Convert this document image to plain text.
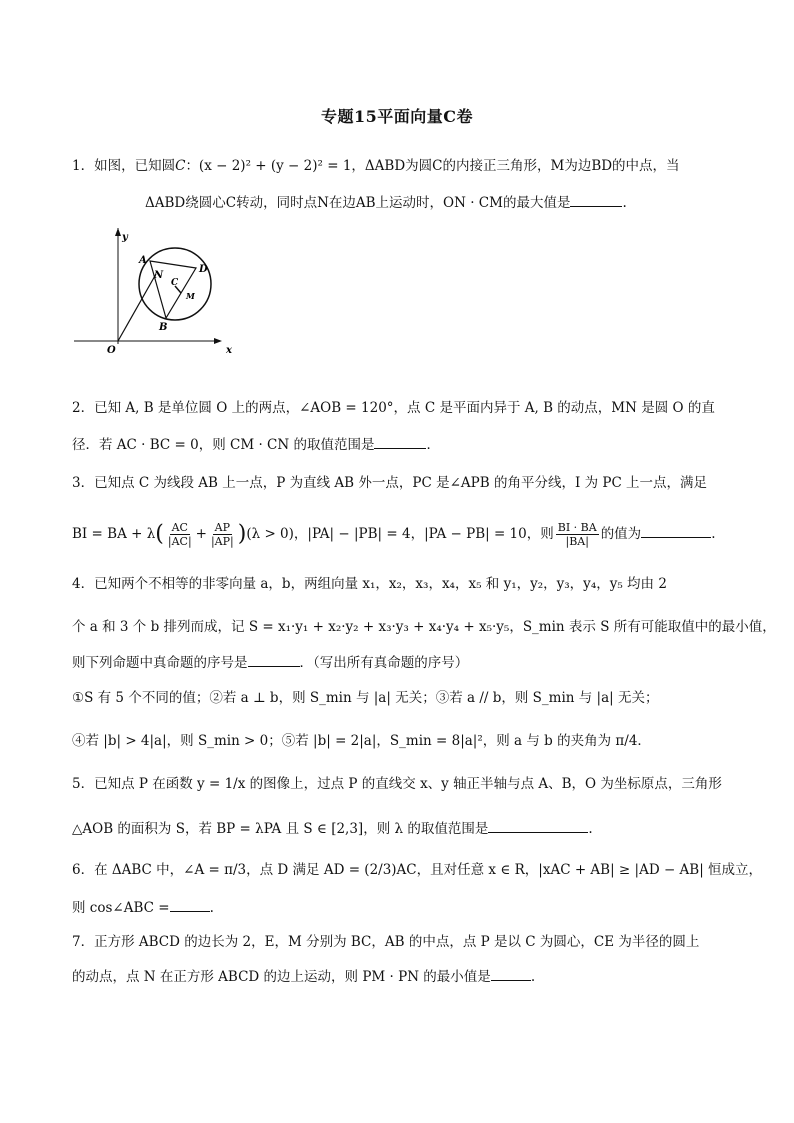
专题15平面向量C卷
1．如图，已知圆C：(x − 2)² + (y − 2)² = 1，ΔABD为圆C的内接正三角形，M为边BD的中点，当
ΔABD绕圆心C转动，同时点N在边AB上运动时，ON · CM的最大值是	.
y
x
O
A
B
D
N
C
M
2．已知 A, B 是单位圆 O 上的两点，∠AOB = 120°，点 C 是平面内异于 A, B 的动点，MN 是圆 O 的直
径．若 AC · BC = 0，则 CM · CN 的取值范围是	．
3．已知点 C 为线段 AB 上一点，P 为直线 AB 外一点，PC 是∠APB 的角平分线，I 为 PC 上一点，满足
BI = BA + $\lambda( \frac{AC}{|AC|} + \frac{AP}{|AP|} )(\lambda > 0)$，|PA| − |PB| = 4，|PA − PB| = 10，则 $\frac{BI \cdot BA}{|BA|}$ 的值为	.
4．已知两个不相等的非零向量 a，b，两组向量 x₁，x₂，x₃，x₄，x₅ 和 y₁，y₂，y₃，y₄，y₅ 均由 2
个 a 和 3 个 b 排列而成，记 S = x₁·y₁ + x₂·y₂ + x₃·y₃ + x₄·y₄ + x₅·y₅，S_min 表示 S 所有可能取值中的最小值，
则下列命题中真命题的序号是	．（写出所有真命题的序号）
①S 有 5 个不同的值；②若 a ⊥ b，则 S_min 与 |a| 无关；③若 a // b，则 S_min 与 |a| 无关；
④若 |b| > 4|a|，则 S_min > 0；⑤若 |b| = 2|a|，S_min = 8|a|²，则 a 与 b 的夹角为 π/4．
5．已知点 P 在函数 y = 1/x 的图像上，过点 P 的直线交 x、y 轴正半轴与点 A、B，O 为坐标原点，三角形
△AOB 的面积为 S，若 BP = λPA 且 S ∈ [2,3]，则 λ 的取值范围是	.
6．在 ΔABC 中，∠A = π/3，点 D 满足 AD = (2/3)AC，且对任意 x ∈ R，|xAC + AB| ≥ |AD − AB| 恒成立，
则 cos∠ABC =	.
7．正方形 ABCD 的边长为 2，E，M 分别为 BC，AB 的中点，点 P 是以 C 为圆心，CE 为半径的圆上
的动点，点 N 在正方形 ABCD 的边上运动，则 PM · PN 的最小值是	.
